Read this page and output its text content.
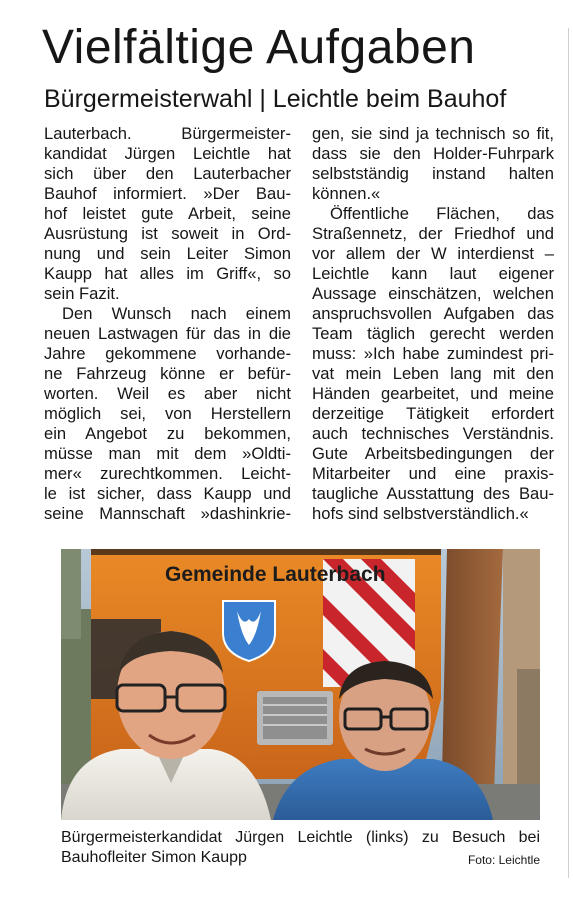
Vielfältige Aufgaben
Bürgermeisterwahl | Leichtle beim Bauhof
Lauterbach. Bürgermeister-
kandidat Jürgen Leichtle hat
sich über den Lauterbacher
Bauhof informiert. »Der Bau-
hof leistet gute Arbeit, seine
Ausrüstung ist soweit in Ord-
nung und sein Leiter Simon
Kaupp hat alles im Griff«, so
sein Fazit.
Den Wunsch nach einem
neuen Lastwagen für das in die
Jahre gekommene vorhande-
ne Fahrzeug könne er befür-
worten. Weil es aber nicht
möglich sei, von Herstellern
ein Angebot zu bekommen,
müsse man mit dem »Oldti-
mer« zurechtkommen. Leicht-
le ist sicher, dass Kaupp und
seine Mannschaft »dashinkrie-
gen, sie sind ja technisch so fit,
dass sie den Holder-Fuhrpark
selbstständig instand halten
können.«
Öffentliche Flächen, das
Straßennetz, der Friedhof und
vor allem der W interdienst –
Leichtle kann laut eigener
Aussage einschätzen, welchen
anspruchsvollen Aufgaben das
Team täglich gerecht werden
muss: »Ich habe zumindest pri-
vat mein Leben lang mit den
Händen gearbeitet, und meine
derzeitige Tätigkeit erfordert
auch technisches Verständnis.
Gute Arbeitsbedingungen der
Mitarbeiter und eine praxis-
taugliche Ausstattung des Bau-
hofs sind selbstverständlich.«
Gemeinde Lauterbach
Bürgermeisterkandidat Jürgen Leichtle (links) zu Besuch bei
Bauhofleiter Simon Kaupp	Foto: Leichtle
